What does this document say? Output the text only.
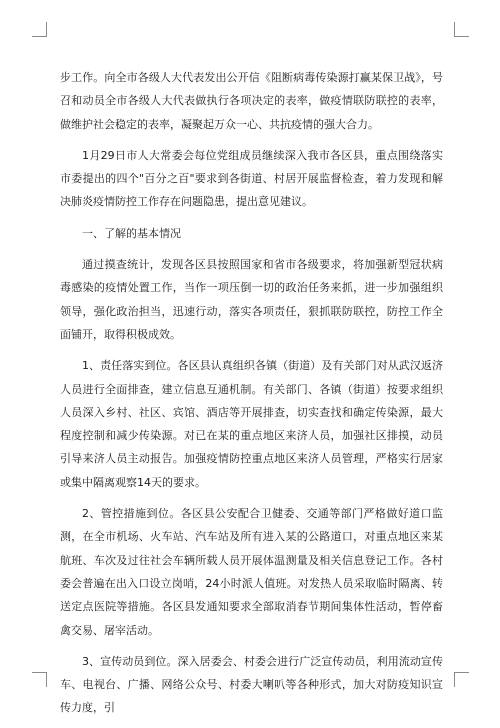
步工作。向全市各级人大代表发出公开信《阻断病毒传染源打赢某保卫战》，号召和动员全市各级人大代表做执行各项决定的表率，做疫情联防联控的表率，做维护社会稳定的表率，凝聚起万众一心、共抗疫情的强大合力。

1月29日市人大常委会每位党组成员继续深入我市各区县，重点围绕落实市委提出的四个"百分之百"要求到各街道、村居开展监督检查，着力发现和解决肺炎疫情防控工作存在问题隐患，提出意见建议。

一、了解的基本情况

通过摸查统计，发现各区县按照国家和省市各级要求，将加强新型冠状病毒感染的疫情处置工作，当作一项压倒一切的政治任务来抓，进一步加强组织领导，强化政治担当，迅速行动，落实各项责任，狠抓联防联控，防控工作全面铺开，取得积极成效。

1、责任落实到位。各区县认真组织各镇（街道）及有关部门对从武汉返济人员进行全面排查，建立信息互通机制。有关部门、各镇（街道）按要求组织人员深入乡村、社区、宾馆、酒店等开展排查，切实查找和确定传染源，最大程度控制和减少传染源。对已在某的重点地区来济人员，加强社区排摸，动员引导来济人员主动报告。加强疫情防控重点地区来济人员管理，严格实行居家或集中隔离观察14天的要求。

2、管控措施到位。各区县公安配合卫健委、交通等部门严格做好道口监测，在全市机场、火车站、汽车站及所有进入某的公路道口，对重点地区来某航班、车次及过往社会车辆所载人员开展体温测量及相关信息登记工作。各村委会普遍在出入口设立岗哨，24小时派人值班。对发热人员采取临时隔离、转送定点医院等措施。各区县发通知要求全部取消春节期间集体性活动，暂停畜禽交易、屠宰活动。

3、宣传动员到位。深入居委会、村委会进行广泛宣传动员，利用流动宣传车、电视台、广播、网络公众号、村委大喇叭等各种形式，加大对防疫知识宣传力度，引
